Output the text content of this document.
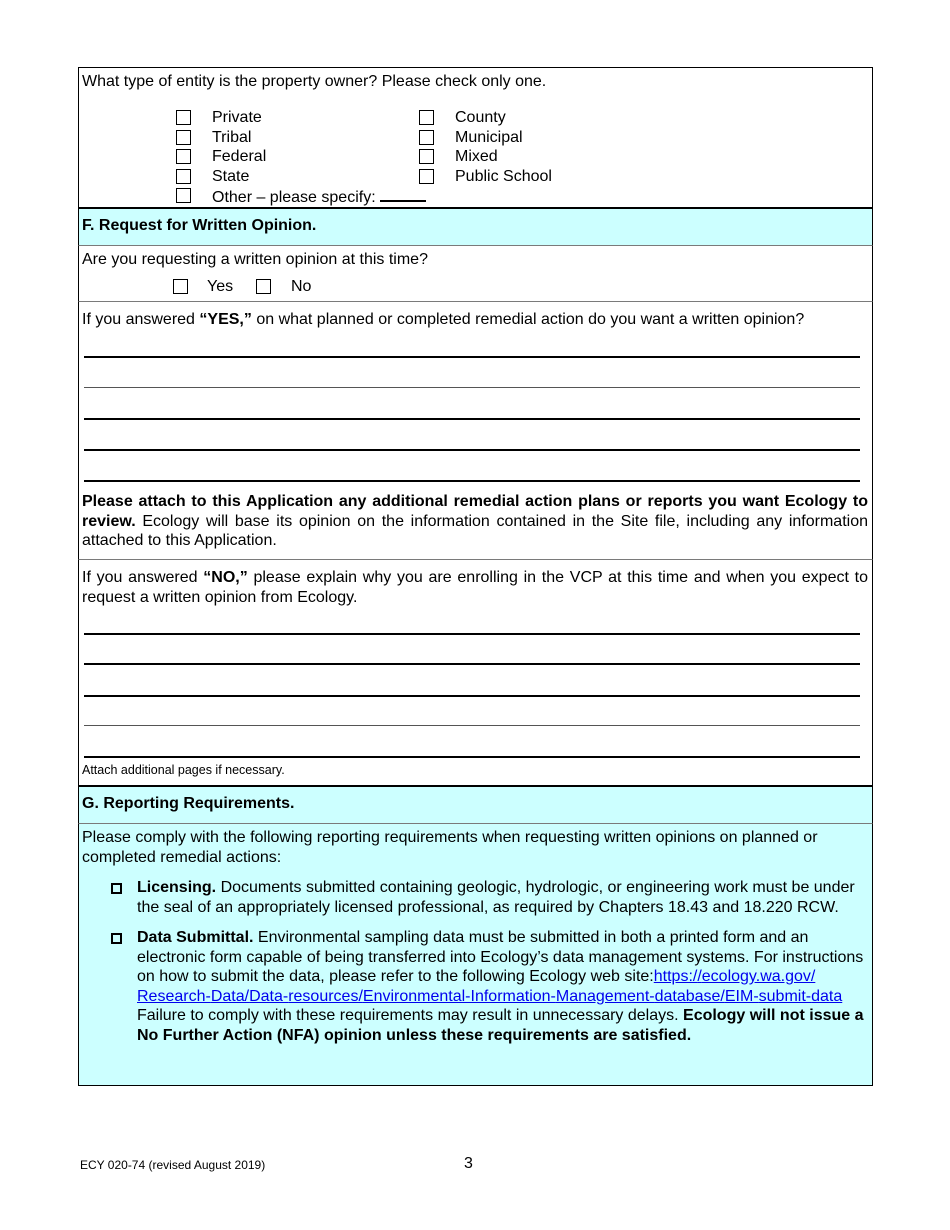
What type of entity is the property owner? Please check only one.
Private
Tribal
Federal
State
Other – please specify:
County
Municipal
Mixed
Public School
F. Request for Written Opinion.
Are you requesting a written opinion at this time?
Yes	No
If you answered “YES,” on what planned or completed remedial action do you want a written opinion?
Please attach to this Application any additional remedial action plans or reports you want Ecology to review. Ecology will base its opinion on the information contained in the Site file, including any information attached to this Application.
If you answered “NO,” please explain why you are enrolling in the VCP at this time and when you expect to request a written opinion from Ecology.
Attach additional pages if necessary.
G. Reporting Requirements.
Please comply with the following reporting requirements when requesting written opinions on planned or completed remedial actions:
Licensing. Documents submitted containing geologic, hydrologic, or engineering work must be under the seal of an appropriately licensed professional, as required by Chapters 18.43 and 18.220 RCW.
Data Submittal. Environmental sampling data must be submitted in both a printed form and an electronic form capable of being transferred into Ecology’s data management systems. For instructions on how to submit the data, please refer to the following Ecology web site:https://ecology.wa.gov/Research-Data/Data-resources/Environmental-Information-Management-database/EIM-submit-data Failure to comply with these requirements may result in unnecessary delays. Ecology will not issue a No Further Action (NFA) opinion unless these requirements are satisfied.
ECY 020-74 (revised August 2019)	3
